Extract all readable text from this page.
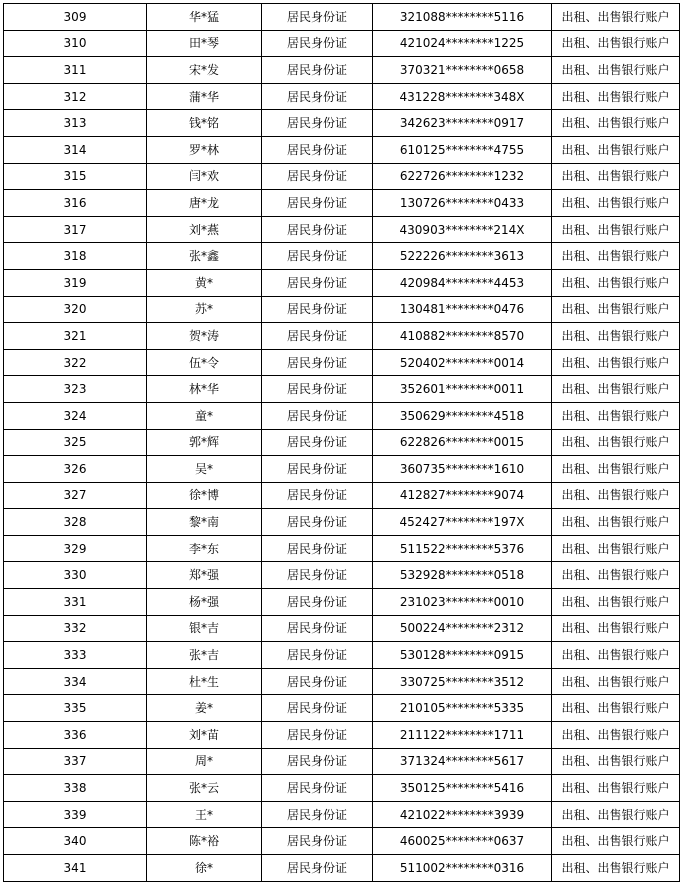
309	华*猛	居民身份证	321088********5116	出租、出售银行账户
310	田*琴	居民身份证	421024********1225	出租、出售银行账户
311	宋*发	居民身份证	370321********0658	出租、出售银行账户
312	蒲*华	居民身份证	431228********348X	出租、出售银行账户
313	钱*铭	居民身份证	342623********0917	出租、出售银行账户
314	罗*林	居民身份证	610125********4755	出租、出售银行账户
315	闫*欢	居民身份证	622726********1232	出租、出售银行账户
316	唐*龙	居民身份证	130726********0433	出租、出售银行账户
317	刘*燕	居民身份证	430903********214X	出租、出售银行账户
318	张*鑫	居民身份证	522226********3613	出租、出售银行账户
319	黄*	居民身份证	420984********4453	出租、出售银行账户
320	苏*	居民身份证	130481********0476	出租、出售银行账户
321	贺*涛	居民身份证	410882********8570	出租、出售银行账户
322	伍*令	居民身份证	520402********0014	出租、出售银行账户
323	林*华	居民身份证	352601********0011	出租、出售银行账户
324	童*	居民身份证	350629********4518	出租、出售银行账户
325	郭*辉	居民身份证	622826********0015	出租、出售银行账户
326	吴*	居民身份证	360735********1610	出租、出售银行账户
327	徐*博	居民身份证	412827********9074	出租、出售银行账户
328	黎*南	居民身份证	452427********197X	出租、出售银行账户
329	李*东	居民身份证	511522********5376	出租、出售银行账户
330	郑*强	居民身份证	532928********0518	出租、出售银行账户
331	杨*强	居民身份证	231023********0010	出租、出售银行账户
332	银*吉	居民身份证	500224********2312	出租、出售银行账户
333	张*吉	居民身份证	530128********0915	出租、出售银行账户
334	杜*生	居民身份证	330725********3512	出租、出售银行账户
335	姜*	居民身份证	210105********5335	出租、出售银行账户
336	刘*苗	居民身份证	211122********1711	出租、出售银行账户
337	周*	居民身份证	371324********5617	出租、出售银行账户
338	张*云	居民身份证	350125********5416	出租、出售银行账户
339	王*	居民身份证	421022********3939	出租、出售银行账户
340	陈*裕	居民身份证	460025********0637	出租、出售银行账户
341	徐*	居民身份证	511002********0316	出租、出售银行账户
